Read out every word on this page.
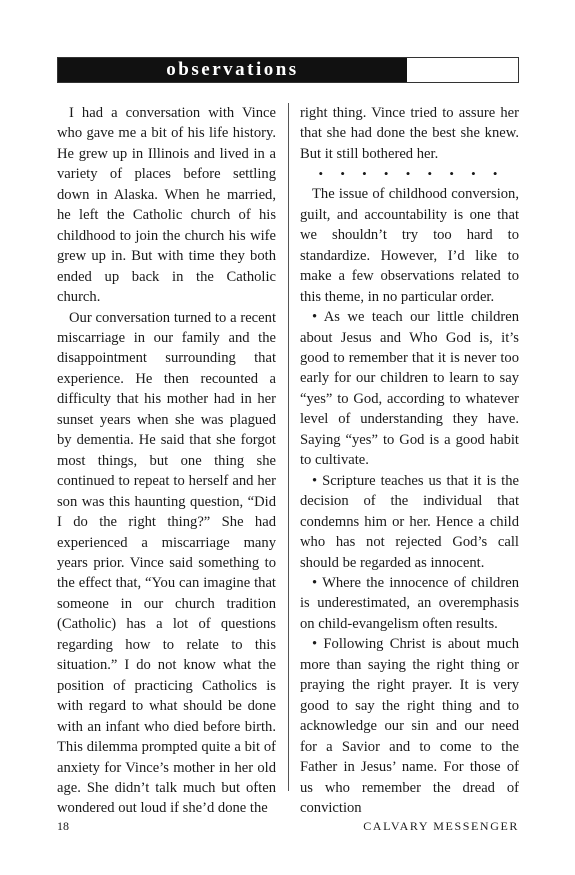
observations

I had a conversation with Vince who gave me a bit of his life history. He grew up in Illinois and lived in a variety of places before settling down in Alaska. When he married, he left the Catholic church of his childhood to join the church his wife grew up in. But with time they both ended up back in the Catholic church.

Our conversation turned to a recent miscarriage in our family and the disappointment surrounding that experience. He then recounted a difficulty that his mother had in her sunset years when she was plagued by dementia. He said that she forgot most things, but one thing she continued to repeat to herself and her son was this haunting question, “Did I do the right thing?” She had experienced a miscarriage many years prior. Vince said something to the effect that, “You can imagine that someone in our church tradition (Catholic) has a lot of questions regarding how to relate to this situation.” I do not know what the position of practicing Catholics is with regard to what should be done with an infant who died before birth. This dilemma prompted quite a bit of anxiety for Vince’s mother in her old age. She didn’t talk much but often wondered out loud if she’d done the

right thing. Vince tried to assure her that she had done the best she knew. But it still bothered her.

• • • • • • • • •

The issue of childhood conversion, guilt, and accountability is one that we shouldn’t try too hard to standardize. However, I’d like to make a few observations related to this theme, in no particular order.

• As we teach our little children about Jesus and Who God is, it’s good to remember that it is never too early for our children to learn to say “yes” to God, according to whatever level of understanding they have. Saying “yes” to God is a good habit to cultivate.

• Scripture teaches us that it is the decision of the individual that condemns him or her. Hence a child who has not rejected God’s call should be regarded as innocent.

• Where the innocence of children is underestimated, an overemphasis on child-evangelism often results.

• Following Christ is about much more than saying the right thing or praying the right prayer. It is very good to say the right thing and to acknowledge our sin and our need for a Savior and to come to the Father in Jesus’ name. For those of us who remember the dread of conviction

18	CALVARY MESSENGER
